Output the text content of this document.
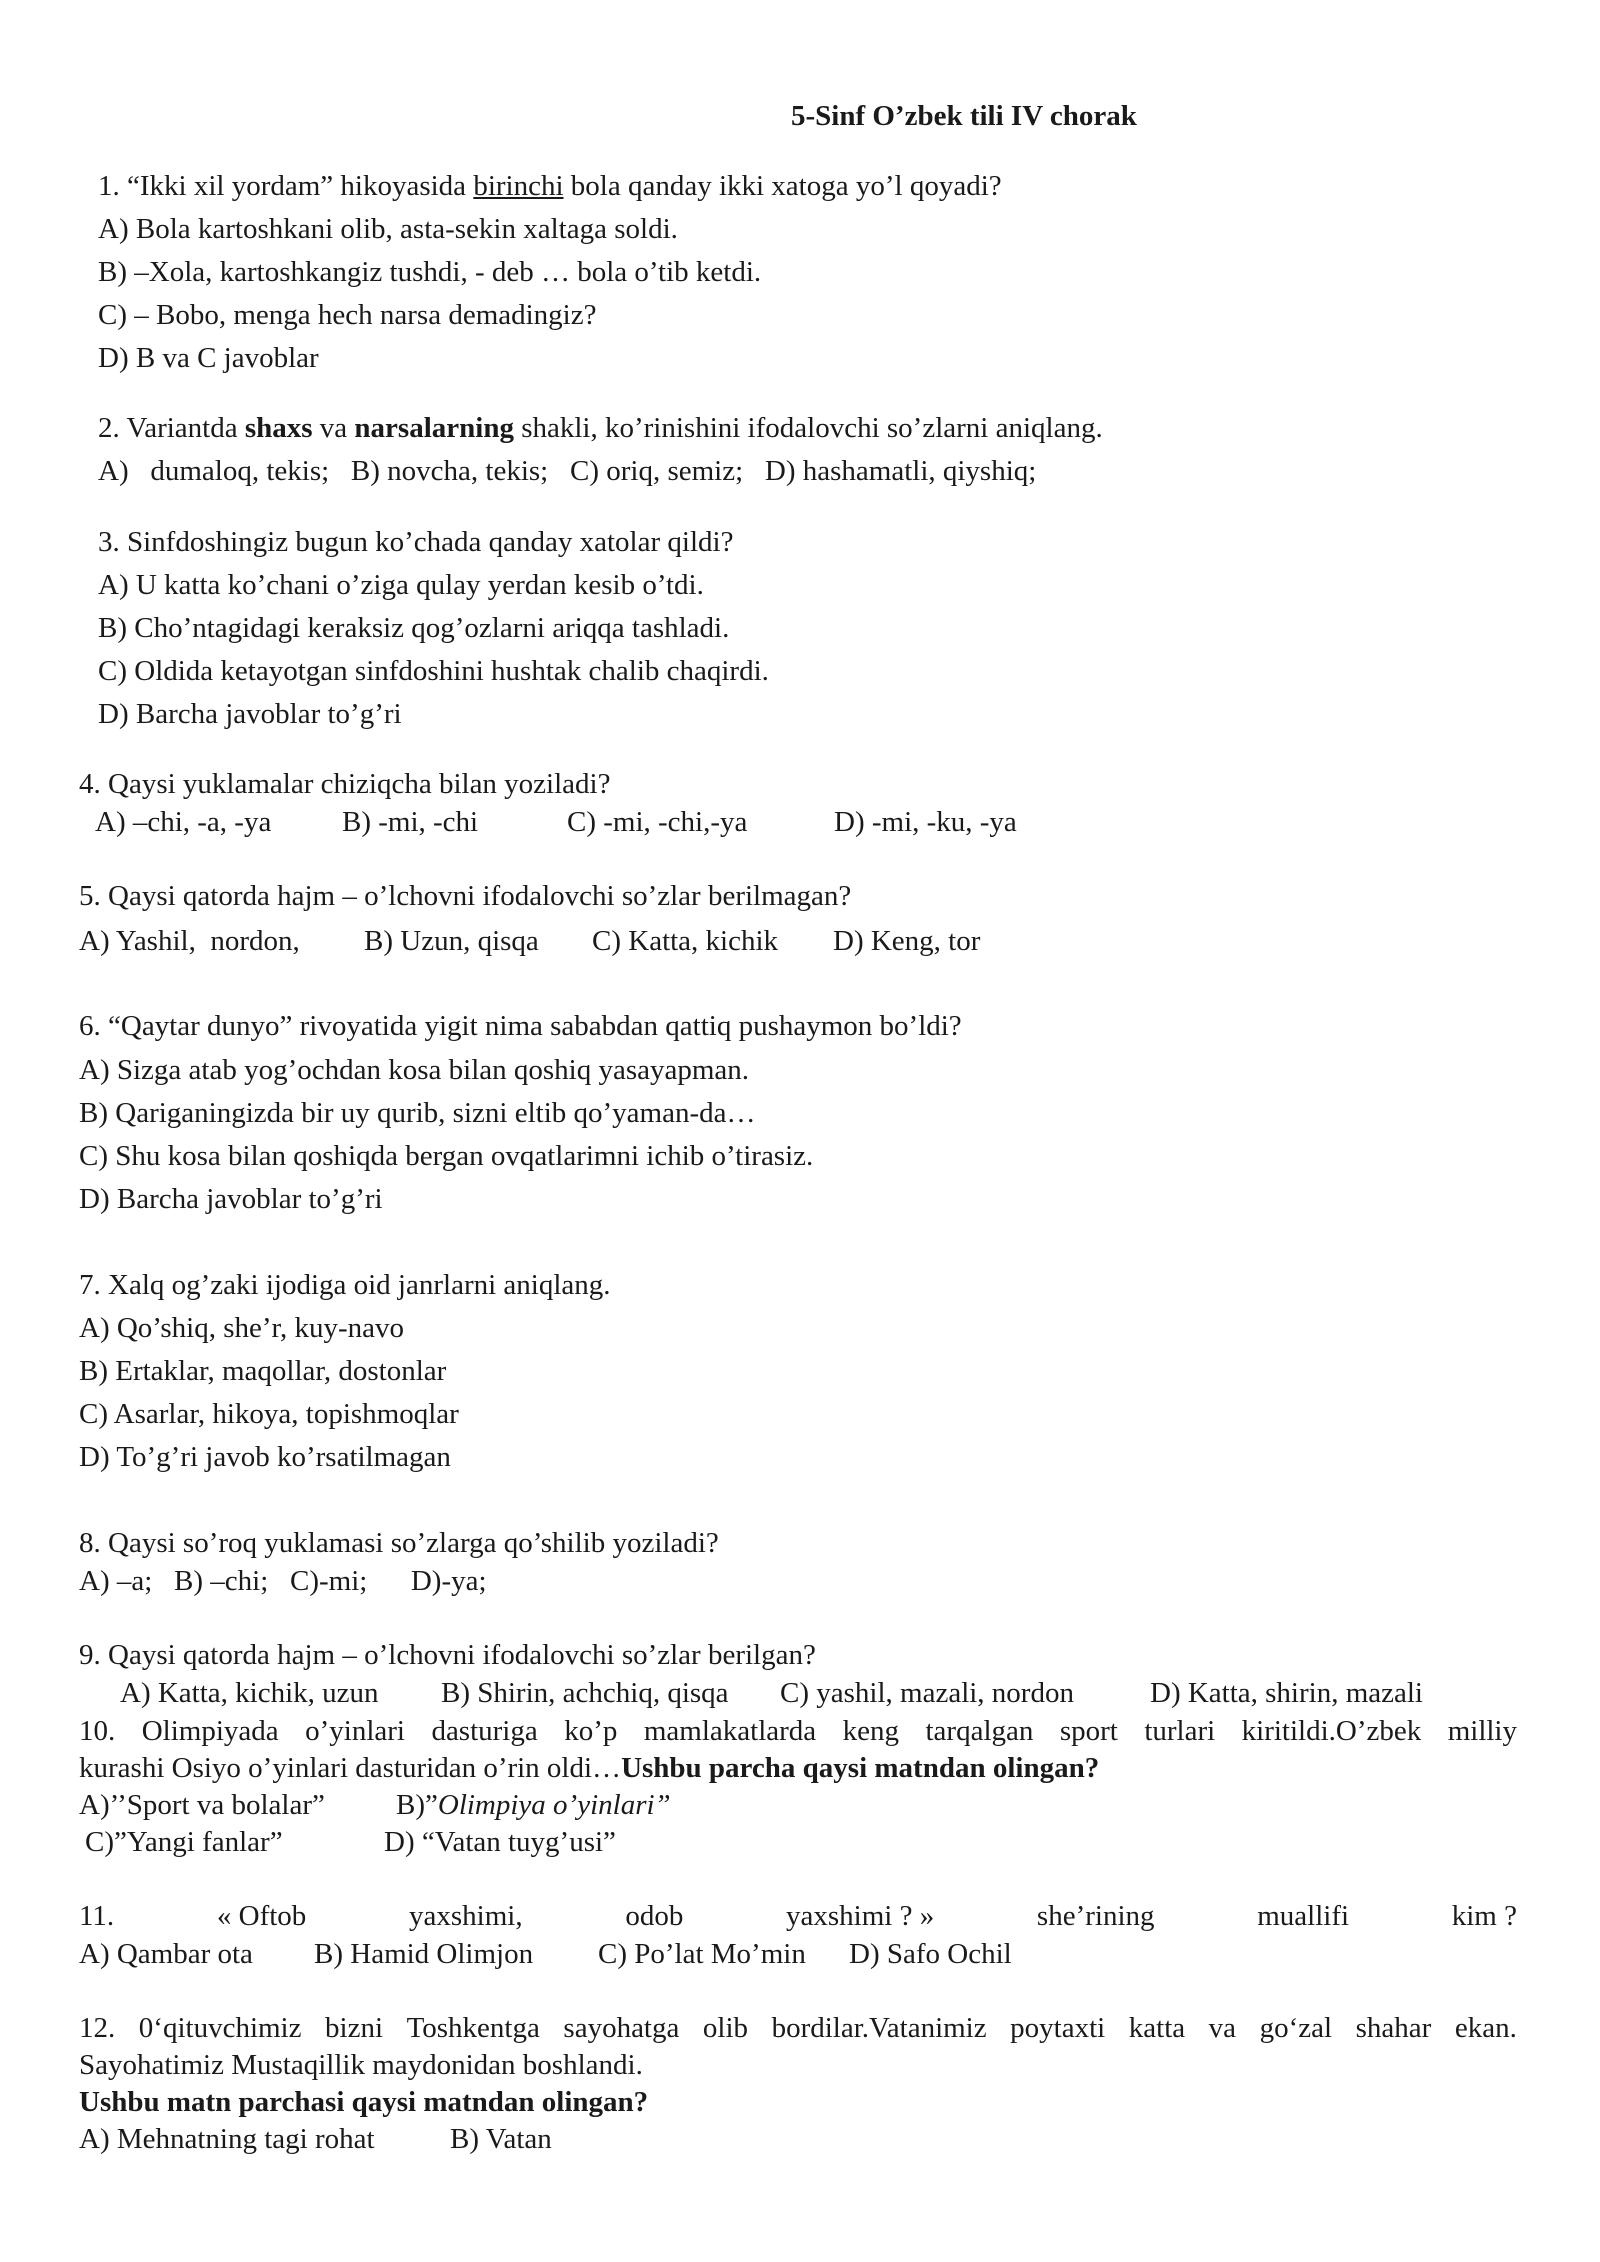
5-Sinf O’zbek tili IV chorak
1. “Ikki xil yordam” hikoyasida birinchi bola qanday ikki xatoga yo’l qoyadi?
A) Bola kartoshkani olib, asta-sekin xaltaga soldi.
B) –Xola, kartoshkangiz tushdi, - deb … bola o’tib ketdi.
C) – Bobo, menga hech narsa demadingiz?
D) B va C javoblar
2. Variantda shaxs va narsalarning shakli, ko’rinishini ifodalovchi so’zlarni aniqlang.
A)   dumaloq, tekis;   B) novcha, tekis;   C) oriq, semiz;   D) hashamatli, qiyshiq;
3. Sinfdoshingiz bugun ko’chada qanday xatolar qildi?
A) U katta ko’chani o’ziga qulay yerdan kesib o’tdi.
B) Cho’ntagidagi keraksiz qog’ozlarni ariqqa tashladi.
C) Oldida ketayotgan sinfdoshini hushtak chalib chaqirdi.
D) Barcha javoblar to’g’ri
4. Qaysi yuklamalar chiziqcha bilan yoziladi?
A) –chi, -a, -ya B) -mi, -chi	C) -mi, -chi,-ya	D) -mi, -ku, -ya
5. Qaysi qatorda hajm – o’lchovni ifodalovchi so’zlar berilmagan?
A) Yashil,  nordon, B) Uzun, qisqa C) Katta, kichik D) Keng, tor
6. “Qaytar dunyo” rivoyatida yigit nima sababdan qattiq pushaymon bo’ldi?
A) Sizga atab yog’ochdan kosa bilan qoshiq yasayapman.
B) Qariganingizda bir uy qurib, sizni eltib qo’yaman-da…
C) Shu kosa bilan qoshiqda bergan ovqatlarimni ichib o’tirasiz.
D) Barcha javoblar to’g’ri
7. Xalq og’zaki ijodiga oid janrlarni aniqlang.
A) Qo’shiq, she’r, kuy-navo
B) Ertaklar, maqollar, dostonlar
C) Asarlar, hikoya, topishmoqlar
D) To’g’ri javob ko’rsatilmagan
8. Qaysi so’roq yuklamasi so’zlarga qo’shilib yoziladi?
A) –a;   B) –chi;   C)-mi;      D)-ya;
9. Qaysi qatorda hajm – o’lchovni ifodalovchi so’zlar berilgan?
A) Katta, kichik, uzun B) Shirin, achchiq, qisqa C) yashil, mazali, nordon	D) Katta, shirin, mazali
10. Olimpiyada o’yinlari dasturiga ko’p mamlakatlarda keng tarqalgan sport turlari kiritildi.O’zbek milliy
kurashi Osiyo o’yinlari dasturidan o’rin oldi…Ushbu parcha qaysi matndan olingan?
A)’’Sport va bolalar” B)”Olimpiya o’yinlari”
C)”Yangi fanlar”	D) “Vatan tuyg’usi”
11.	« Oftob	yaxshimi,	odob	yaxshimi ? »	she’rining	muallifi	kim ?
A) Qambar ota B) Hamid Olimjon C) Po’lat Mo’min D) Safo Ochil
12. 0‘qituvchimiz bizni Toshkentga sayohatga olib bordilar.Vatanimiz poytaxti katta va go‘zal shahar ekan.
Sayohatimiz Mustaqillik maydonidan boshlandi.
Ushbu matn parchasi qaysi matndan olingan?
A) Mehnatning tagi rohat	B) Vatan
